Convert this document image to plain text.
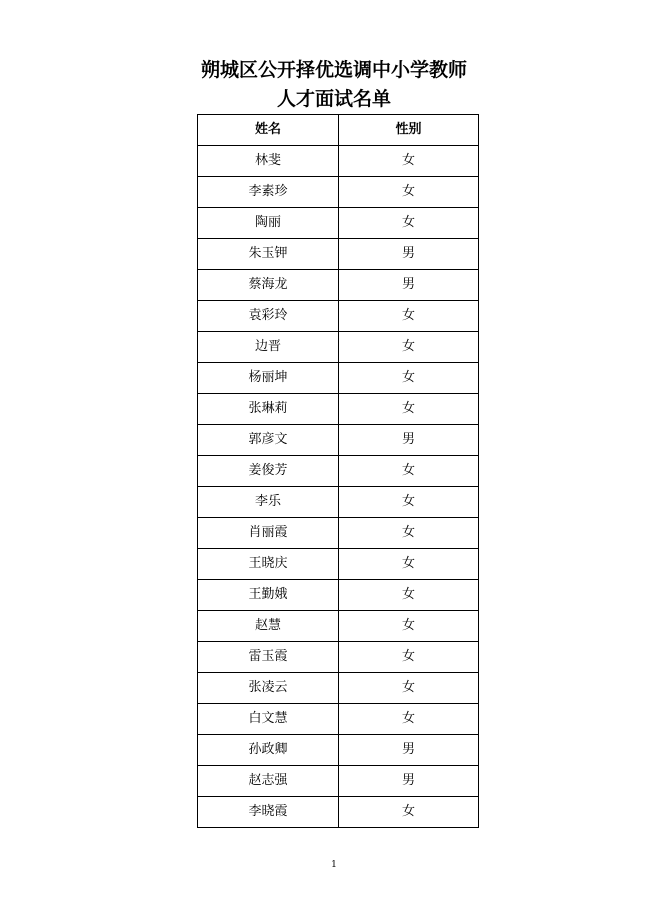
朔城区公开择优选调中小学教师
人才面试名单
姓名	性别
林斐	女
李素珍	女
陶丽	女
朱玉钾	男
蔡海龙	男
袁彩玲	女
边晋	女
杨丽坤	女
张琳莉	女
郭彦文	男
姜俊芳	女
李乐	女
肖丽霞	女
王晓庆	女
王勤娥	女
赵慧	女
雷玉霞	女
张凌云	女
白文慧	女
孙政卿	男
赵志强	男
李晓霞	女
1
